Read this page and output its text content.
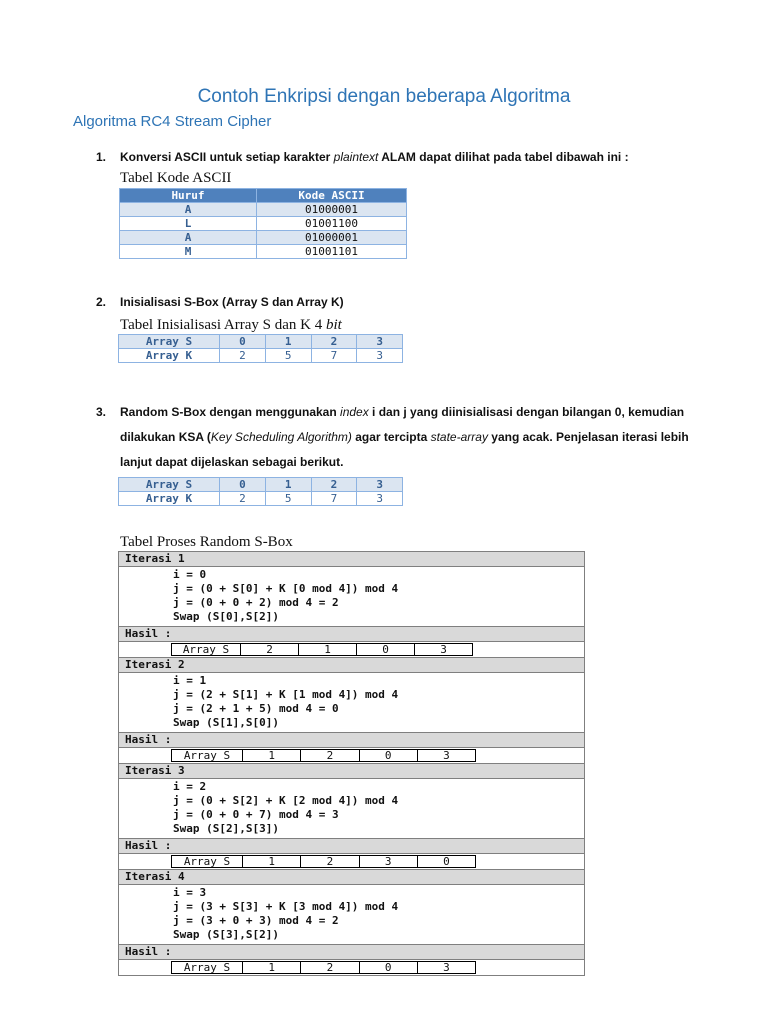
Contoh Enkripsi dengan beberapa Algoritma
Algoritma RC4 Stream Cipher
1. Konversi ASCII untuk setiap karakter plaintext ALAM dapat dilihat pada tabel dibawah ini :
Tabel Kode ASCII
Huruf	Kode ASCII
A	01000001
L	01001100
A	01000001
M	01001101
2. Inisialisasi S-Box (Array S dan Array K)
Tabel Inisialisasi Array S dan K 4 bit
Array S	0	1	2	3
Array K	2	5	7	3
3. Random S-Box dengan menggunakan index i dan j yang diinisialisasi dengan bilangan 0, kemudian
dilakukan KSA (Key Scheduling Algorithm) agar tercipta state-array yang acak. Penjelasan iterasi lebih
lanjut dapat dijelaskan sebagai berikut.
Array S	0	1	2	3
Array K	2	5	7	3
Tabel Proses Random S-Box
Iterasi 1
i = 0
j = (0 + S[0] + K [0 mod 4]) mod 4
j = (0 + 0 + 2) mod 4 = 2
Swap (S[0],S[2])
Hasil :
Array S	2	1	0	3
Iterasi 2
i = 1
j = (2 + S[1] + K [1 mod 4]) mod 4
j = (2 + 1 + 5) mod 4 = 0
Swap (S[1],S[0])
Hasil :
Array S	1	2	0	3
Iterasi 3
i = 2
j = (0 + S[2] + K [2 mod 4]) mod 4
j = (0 + 0 + 7) mod 4 = 3
Swap (S[2],S[3])
Hasil :
Array S	1	2	3	0
Iterasi 4
i = 3
j = (3 + S[3] + K [3 mod 4]) mod 4
j = (3 + 0 + 3) mod 4 = 2
Swap (S[3],S[2])
Hasil :
Array S	1	2	0	3
